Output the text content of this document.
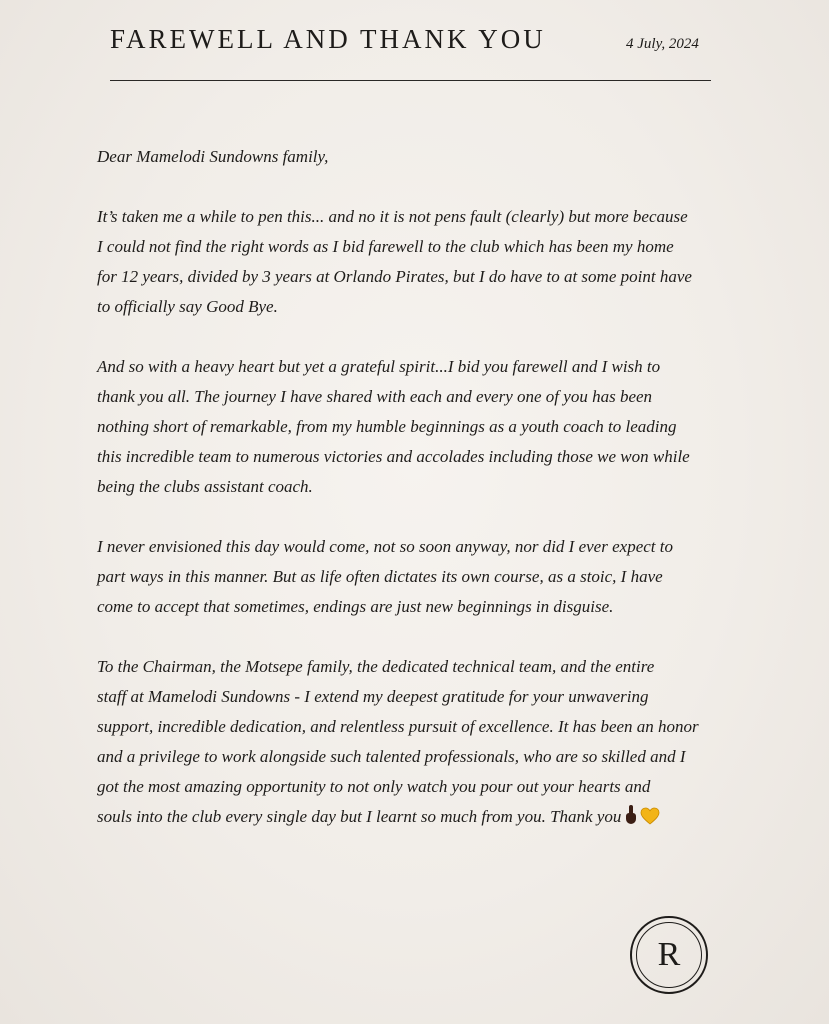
FAREWELL AND THANK YOU	4 July, 2024

Dear Mamelodi Sundowns family,

It’s taken me a while to pen this... and no it is not pens fault (clearly) but more because
I could not find the right words as I bid farewell to the club which has been my home
for 12 years, divided by 3 years at Orlando Pirates, but I do have to at some point have
to officially say Good Bye.

And so with a heavy heart but yet a grateful spirit...I bid you farewell and I wish to
thank you all. The journey I have shared with each and every one of you has been
nothing short of remarkable, from my humble beginnings as a youth coach to leading
this incredible team to numerous victories and accolades including those we won while
being the clubs assistant coach.

I never envisioned this day would come, not so soon anyway, nor did I ever expect to
part ways in this manner. But as life often dictates its own course, as a stoic, I have
come to accept that sometimes, endings are just new beginnings in disguise.

To the Chairman, the Motsepe family, the dedicated technical team, and the entire
staff at Mamelodi Sundowns - I extend my deepest gratitude for your unwavering
support, incredible dedication, and relentless pursuit of excellence. It has been an honor
and a privilege to work alongside such talented professionals, who are so skilled and I
got the most amazing opportunity to not only watch you pour out your hearts and
souls into the club every single day but I learnt so much from you. Thank you

R
